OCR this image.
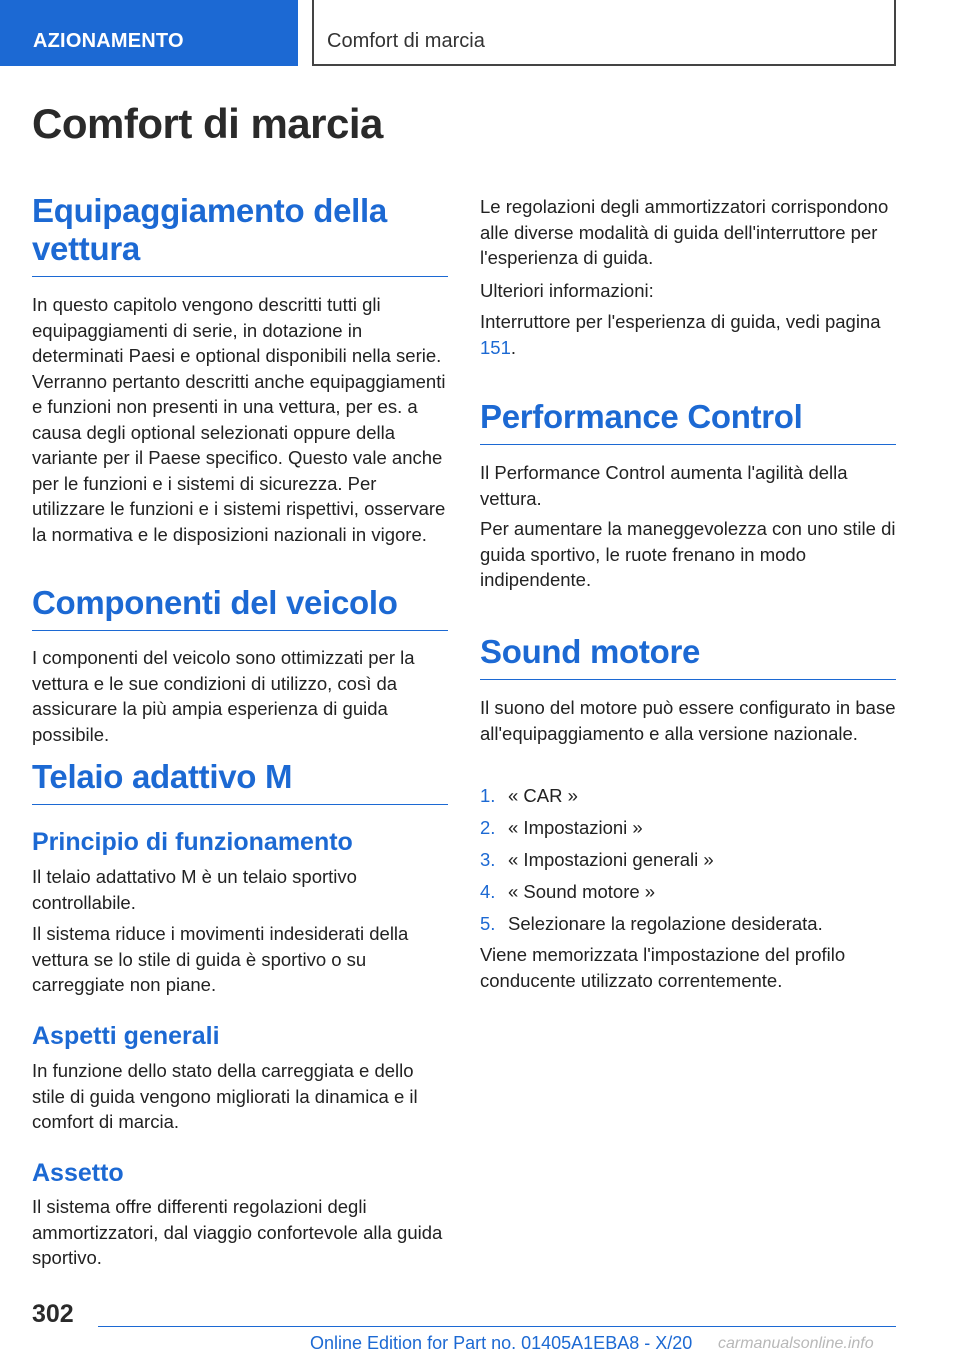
AZIONAMENTO	Comfort di marcia
Comfort di marcia
Equipaggiamento della vettura

In questo capitolo vengono descritti tutti gli equipaggiamenti di serie, in dotazione in determinati Paesi e optional disponibili nella serie. Verranno pertanto descritti anche equipaggiamenti e funzioni non presenti in una vettura, per es. a causa degli optional selezionati oppure della variante per il Paese specifico. Questo vale anche per le funzioni e i sistemi di sicurezza. Per utilizzare le funzioni e i sistemi rispettivi, osservare la normativa e le disposizioni nazionali in vigore.

Componenti del veicolo

I componenti del veicolo sono ottimizzati per la vettura e le sue condizioni di utilizzo, così da assicurare la più ampia esperienza di guida possibile.

Telaio adattivo M
Principio di funzionamento

Il telaio adattativo M è un telaio sportivo controllabile.

Il sistema riduce i movimenti indesiderati della vettura se lo stile di guida è sportivo o su carreggiate non piane.

Aspetti generali

In funzione dello stato della carreggiata e dello stile di guida vengono migliorati la dinamica e il comfort di marcia.

Assetto

Il sistema offre differenti regolazioni degli ammortizzatori, dal viaggio confortevole alla guida sportivo.

Le regolazioni degli ammortizzatori corrispondono alle diverse modalità di guida dell'interruttore per l'esperienza di guida.

Ulteriori informazioni:

Interruttore per l'esperienza di guida, vedi pagina 151.

Performance Control

Il Performance Control aumenta l'agilità della vettura.

Per aumentare la maneggevolezza con uno stile di guida sportivo, le ruote frenano in modo indipendente.

Sound motore

Il suono del motore può essere configurato in base all'equipaggiamento e alla versione nazionale.

1. « CAR »
2. « Impostazioni »
3. « Impostazioni generali »
4. « Sound motore »
5. Selezionare la regolazione desiderata.

Viene memorizzata l'impostazione del profilo conducente utilizzato correntemente.

302
Online Edition for Part no. 01405A1EBA8 - X/20 carmanualsonline.info
